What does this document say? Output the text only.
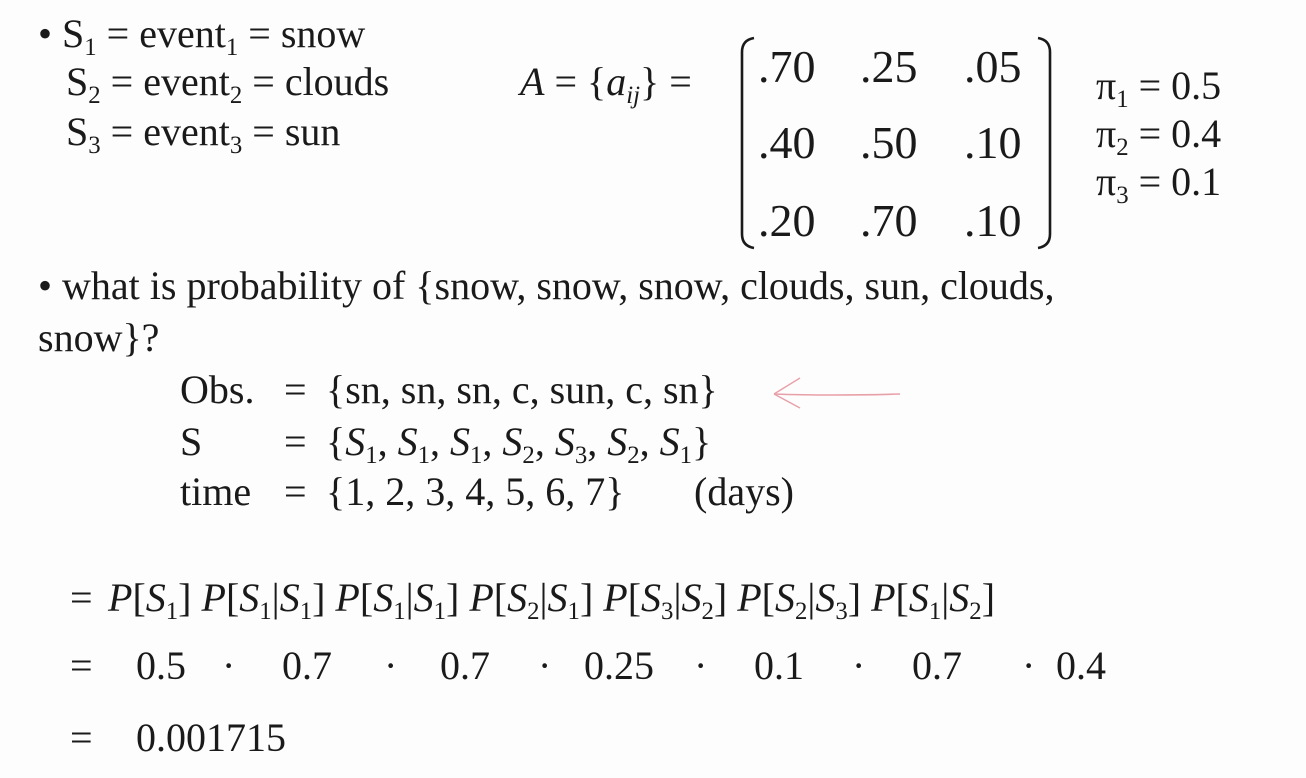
• $S_1$ = event$_1$ = snow
$S_2$ = event$_2$ = clouds
$S_3$ = event$_3$ = sun
$A = \{a_{ij}\} = .70$ .25	.05
.40 .50	.10
.20 .70	.10
$\pi_1 = 0.5$
$\pi_2 = 0.4$
$\pi_3 = 0.1$
• what is probability of {snow, snow, snow, clouds, sun, clouds,
snow}?
Obs. = {sn, sn, sn, c, sun, c, sn}
$S = \{S_1$, $S_1$, $S_1$, $S_2$, $S_3$, $S_2$, $S_1$}
time = {1, 2, 3, 4, 5, 6, 7} (days)
= $P[S_1]$ $P[S_1|S_1]$ $P[S_1|S_1]$ $P[S_2|S_1]$ $P[S_3|S_2]$ $P[S_2|S_3]$ $P[S_1|S_2]$
= 0.5 · 0.7 · 0.7 · 0.25 · 0.1 · 0.7 · 0.4
= 0.001715
